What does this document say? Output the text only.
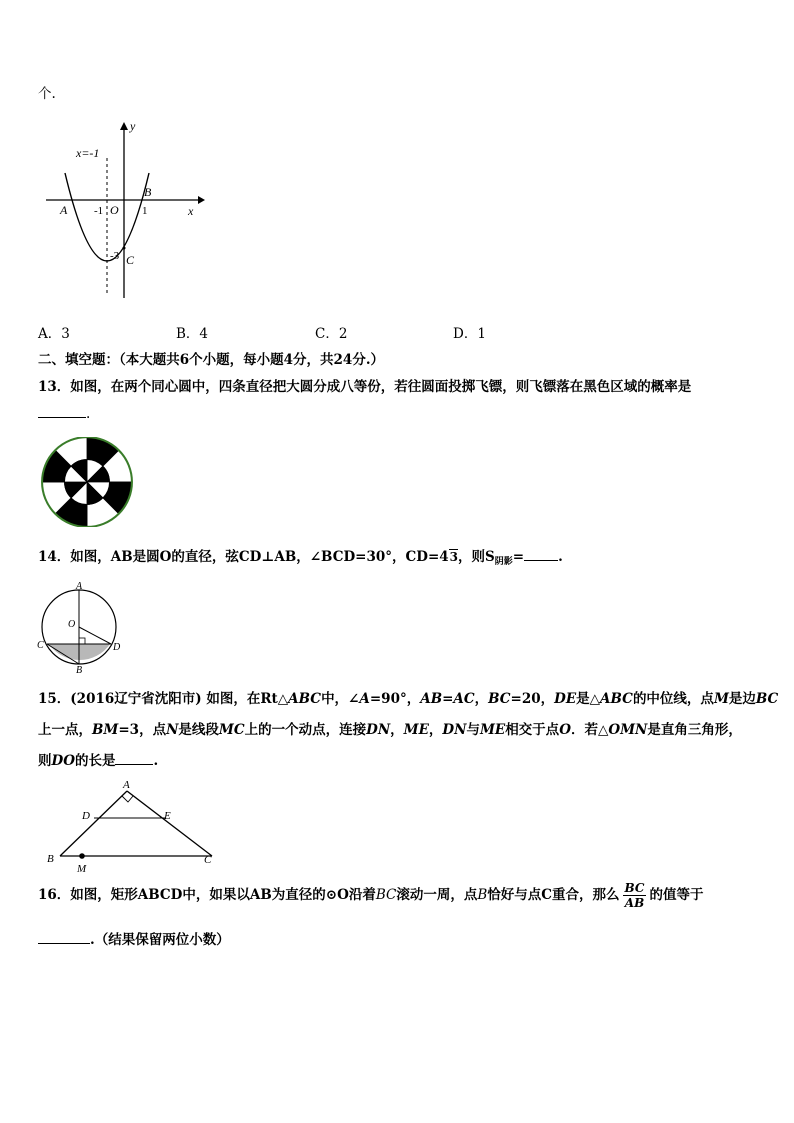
个.
y
x
x=-1
A
B
-1 O 1
-3 C
A．3	B．4	C．2	D．1
二、填空题：（本大题共6个小题，每小题4分，共24分.）
13．如图，在两个同心圆中，四条直径把大圆分成八等份，若往圆面投掷飞镖，则飞镖落在黑色区域的概率是
.
14．如图，AB是圆O的直径，弦CD⊥AB，∠BCD=30°，CD=43，则$S_{阴影}=$	.
A
O
C	D
B
15．(2016辽宁省沈阳市) 如图，在Rt△ABC中，∠A=90°，AB=AC，BC=20，DE是△ABC的中位线，点M是边BC
上一点，BM=3，点N是线段MC上的一个动点，连接DN，ME，DN与ME相交于点O．若△OMN是直角三角形，
则DO的长是	.
A
D	E
B	C
M
16．如图，矩形ABCD中，如果以AB为直径的⊙O沿着BC滚动一周，点B恰好与点C重合，那么 $\frac{BC}{AB}$ 的值等于
.（结果保留两位小数）
